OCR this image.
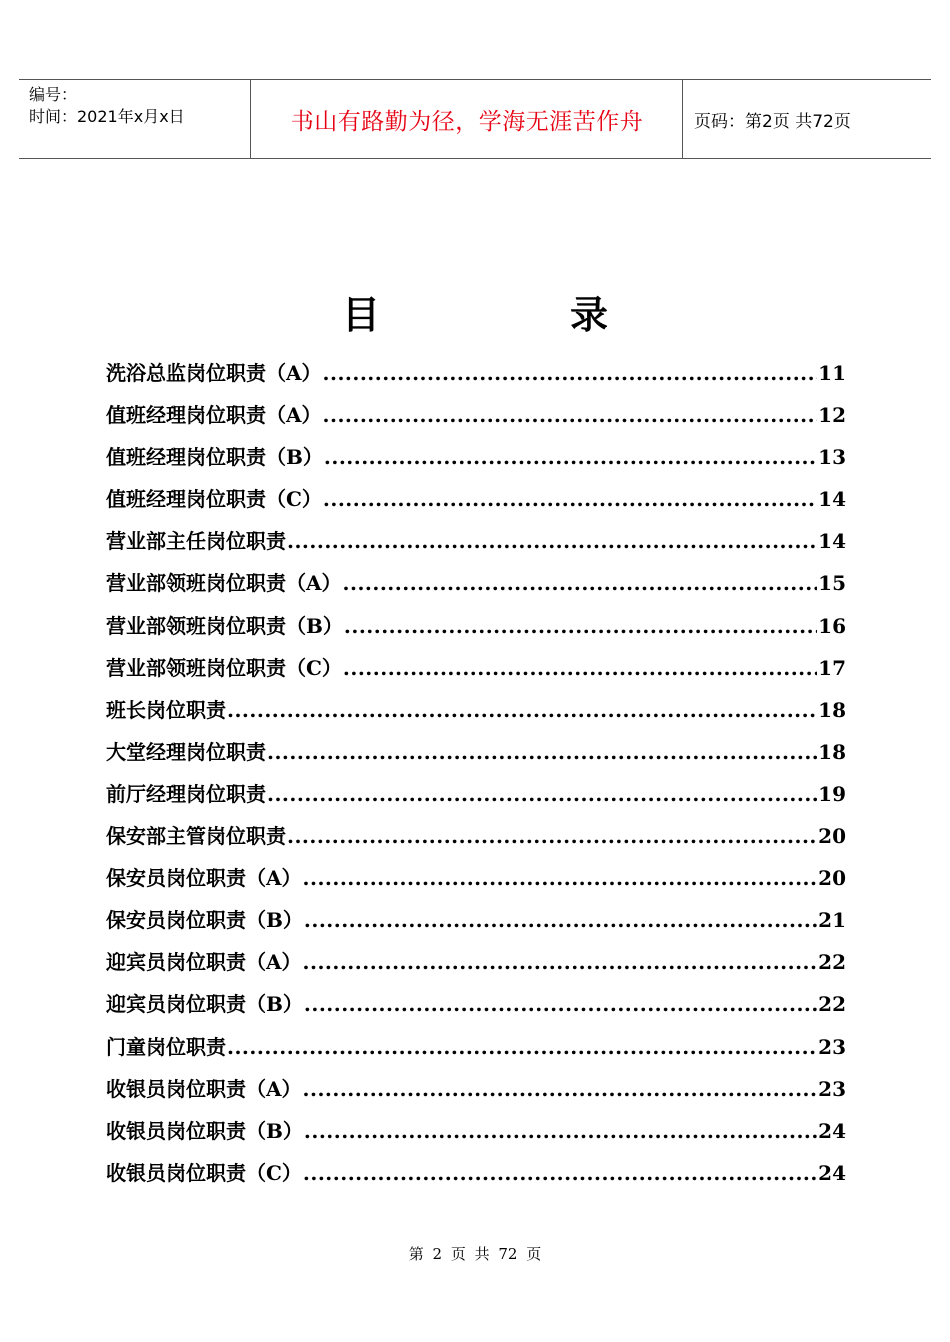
编号：
时间：2021年x月x日	书山有路勤为径，学海无涯苦作舟	页码：第2页 共72页
目	录
洗浴总监岗位职责（A） .....	11
值班经理岗位职责（A） .....	12
值班经理岗位职责（B） .....	13
值班经理岗位职责（C） .....	14
营业部主任岗位职责 .....	14
营业部领班岗位职责（A） .....	15
营业部领班岗位职责（B） .....	16
营业部领班岗位职责（C） .....	17
班长岗位职责 .....	18
大堂经理岗位职责 .....	18
前厅经理岗位职责 .....	19
保安部主管岗位职责 .....	20
保安员岗位职责（A） .....	20
保安员岗位职责（B） .....	21
迎宾员岗位职责（A） .....	22
迎宾员岗位职责（B） .....	22
门童岗位职责 .....	23
收银员岗位职责（A） .....	23
收银员岗位职责（B） .....	24
收银员岗位职责（C） .....	24
第 2 页 共 72 页
